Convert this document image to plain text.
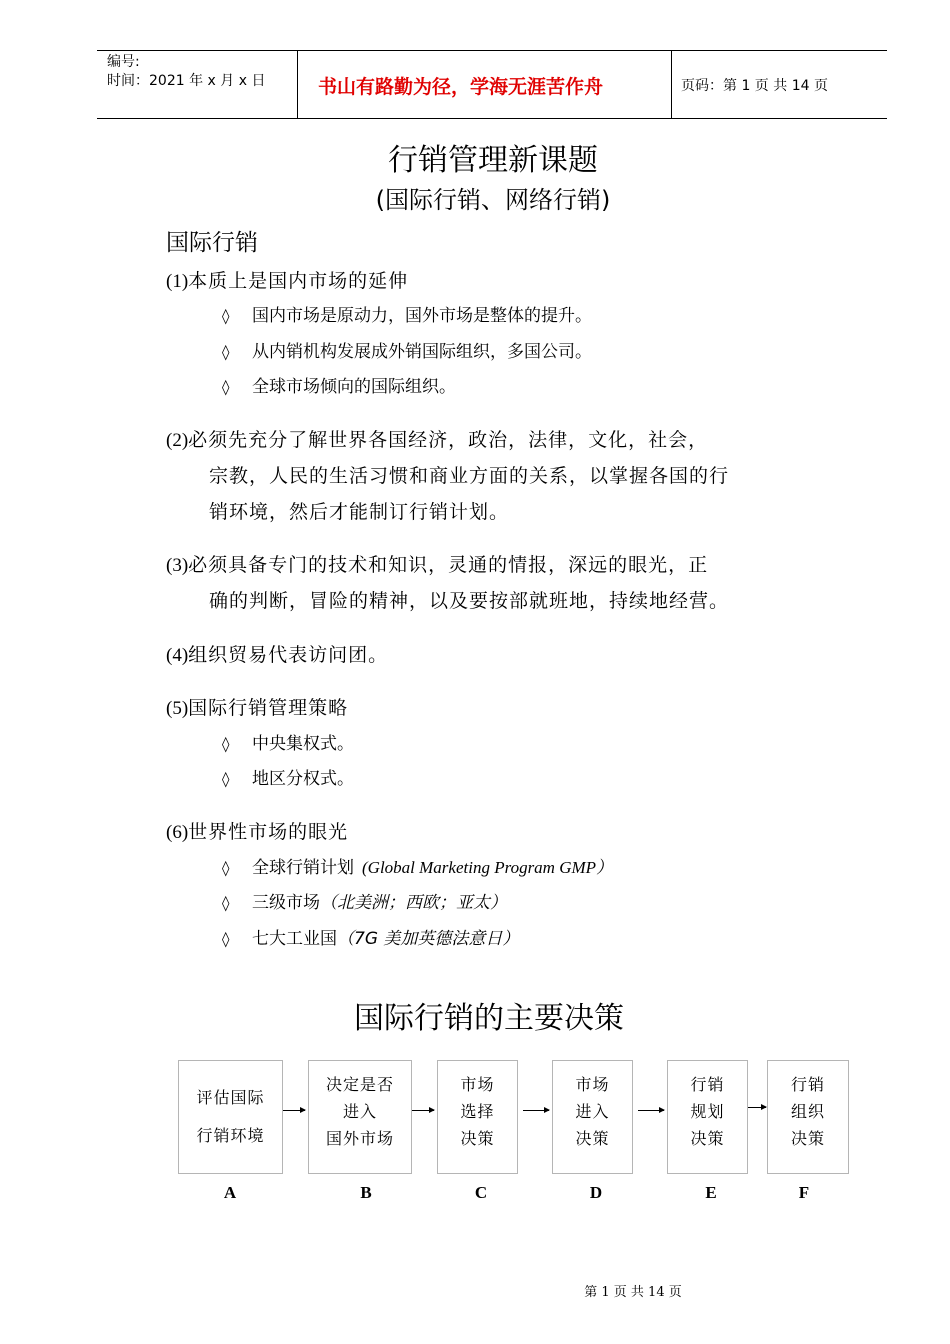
编号:
时间：2021 年 x 月 x 日	书山有路勤为径，学海无涯苦作舟	页码：第 1 页 共 14 页
行销管理新课题
(国际行销、网络行销)
国际行销
(1)本质上是国内市场的延伸
◊ 国内市场是原动力，国外市场是整体的提升。
◊ 从内销机构发展成外销国际组织，多国公司。
◊ 全球市场倾向的国际组织。
(2)必须先充分了解世界各国经济，政治，法律，文化，社会，
宗教，人民的生活习惯和商业方面的关系，以掌握各国的行
销环境，然后才能制订行销计划。
(3)必须具备专门的技术和知识，灵通的情报，深远的眼光，正
确的判断，冒险的精神，以及要按部就班地，持续地经营。
(4)组织贸易代表访问团。
(5)国际行销管理策略
◊ 中央集权式。
◊ 地区分权式。
(6)世界性市场的眼光
◊ 全球行销计划 (Global Marketing Program GMP）
◊ 三级市场（北美洲；西欧；亚太）
◊ 七大工业国（7G 美加英德法意日）
国际行销的主要决策
评估国际
行销环境
决定是否
进入
国外市场
市场
选择
决策
市场
进入
决策
行销
规划
决策
行销
组织
决策
A	B	C	D	E	F
第 1 页 共 14 页
